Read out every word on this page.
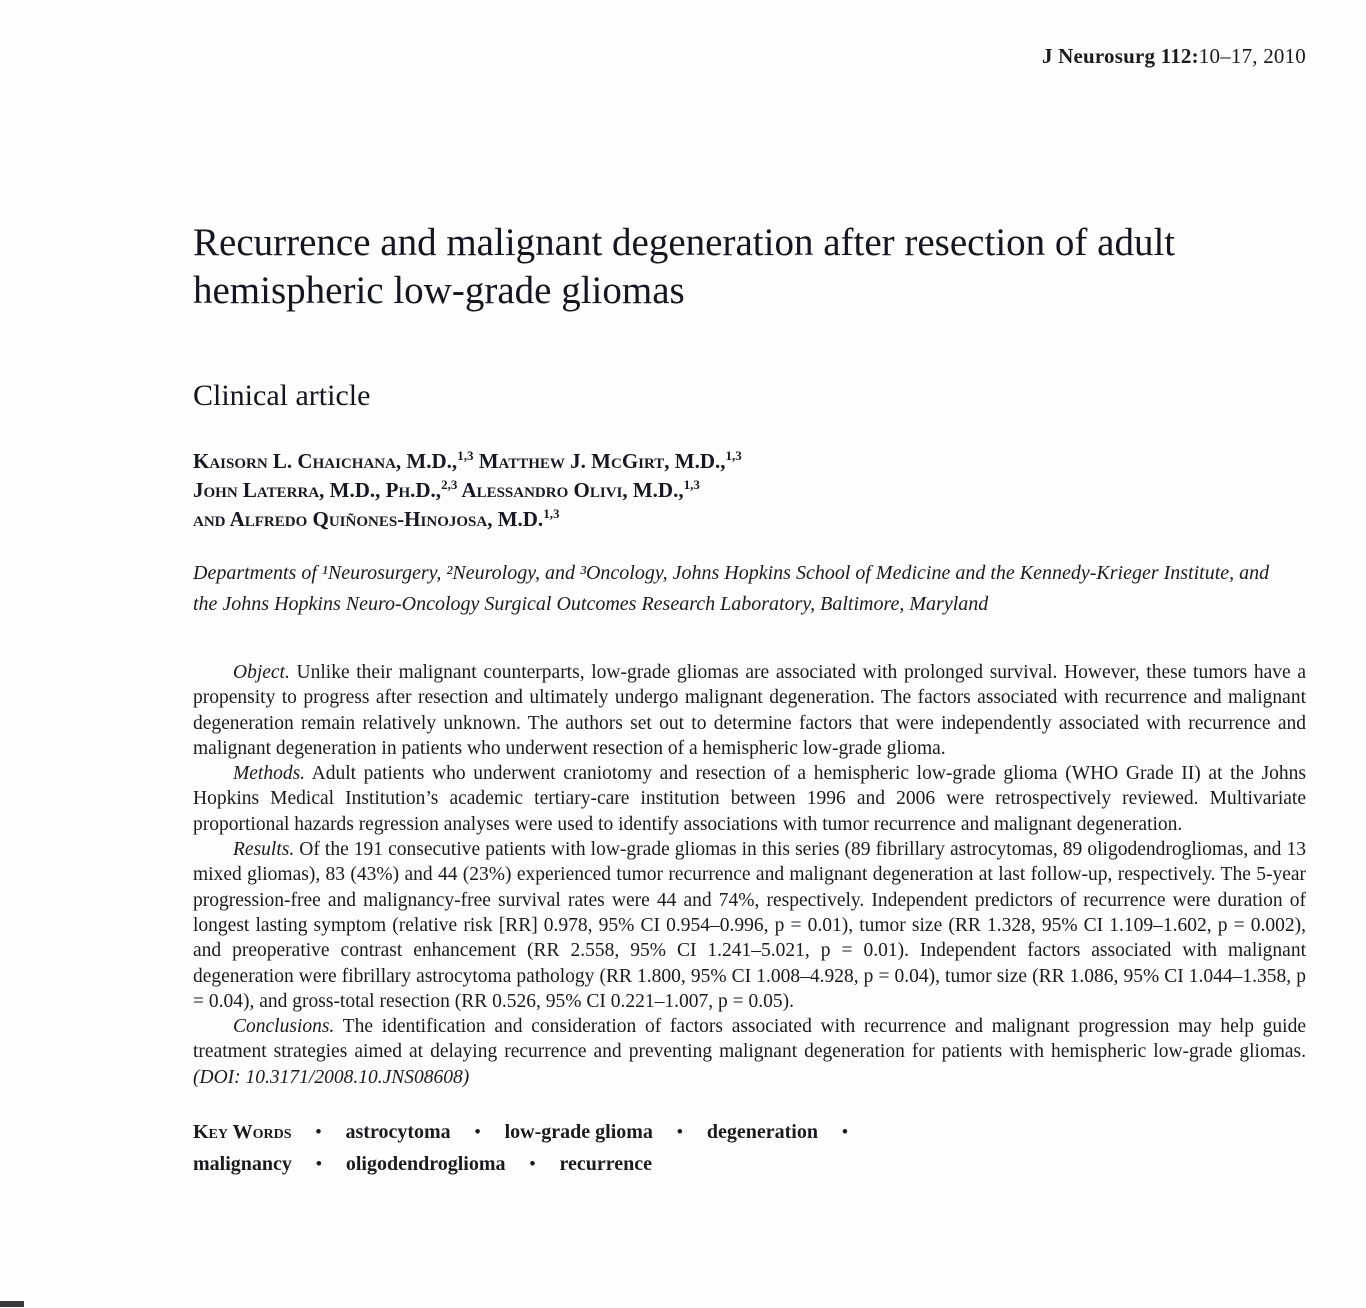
J Neurosurg 112:10–17, 2010
Recurrence and malignant degeneration after resection of adult hemispheric low-grade gliomas
Clinical article
Kaisorn L. Chaichana, M.D.,$^{1,3}$ Matthew J. McGirt, M.D.,$^{1,3}$
John Laterra, M.D., Ph.D.,$^{2,3}$ Alessandro Olivi, M.D.,$^{1,3}$
and Alfredo Quiñones-Hinojosa, M.D.$^{1,3}$
Departments of ¹Neurosurgery, ²Neurology, and ³Oncology, Johns Hopkins School of Medicine and the Kennedy-Krieger Institute, and the Johns Hopkins Neuro-Oncology Surgical Outcomes Research Laboratory, Baltimore, Maryland

Object. Unlike their malignant counterparts, low-grade gliomas are associated with prolonged survival. However, these tumors have a propensity to progress after resection and ultimately undergo malignant degeneration. The factors associated with recurrence and malignant degeneration remain relatively unknown. The authors set out to determine factors that were independently associated with recurrence and malignant degeneration in patients who underwent resection of a hemispheric low-grade glioma.

Methods. Adult patients who underwent craniotomy and resection of a hemispheric low-grade glioma (WHO Grade II) at the Johns Hopkins Medical Institution’s academic tertiary-care institution between 1996 and 2006 were retrospectively reviewed. Multivariate proportional hazards regression analyses were used to identify associations with tumor recurrence and malignant degeneration.

Results. Of the 191 consecutive patients with low-grade gliomas in this series (89 fibrillary astrocytomas, 89 oligodendrogliomas, and 13 mixed gliomas), 83 (43%) and 44 (23%) experienced tumor recurrence and malignant degeneration at last follow-up, respectively. The 5-year progression-free and malignancy-free survival rates were 44 and 74%, respectively. Independent predictors of recurrence were duration of longest lasting symptom (relative risk [RR] 0.978, 95% CI 0.954–0.996, p = 0.01), tumor size (RR 1.328, 95% CI 1.109–1.602, p = 0.002), and preoperative contrast enhancement (RR 2.558, 95% CI 1.241–5.021, p = 0.01). Independent factors associated with malignant degeneration were fibrillary astrocytoma pathology (RR 1.800, 95% CI 1.008–4.928, p = 0.04), tumor size (RR 1.086, 95% CI 1.044–1.358, p = 0.04), and gross-total resection (RR 0.526, 95% CI 0.221–1.007, p = 0.05).

Conclusions. The identification and consideration of factors associated with recurrence and malignant progression may help guide treatment strategies aimed at delaying recurrence and preventing malignant degeneration for patients with hemispheric low-grade gliomas. (DOI: 10.3171/2008.10.JNS08608)

Key Words • astrocytoma • low-grade glioma • degeneration •
malignancy • oligodendroglioma • recurrence
